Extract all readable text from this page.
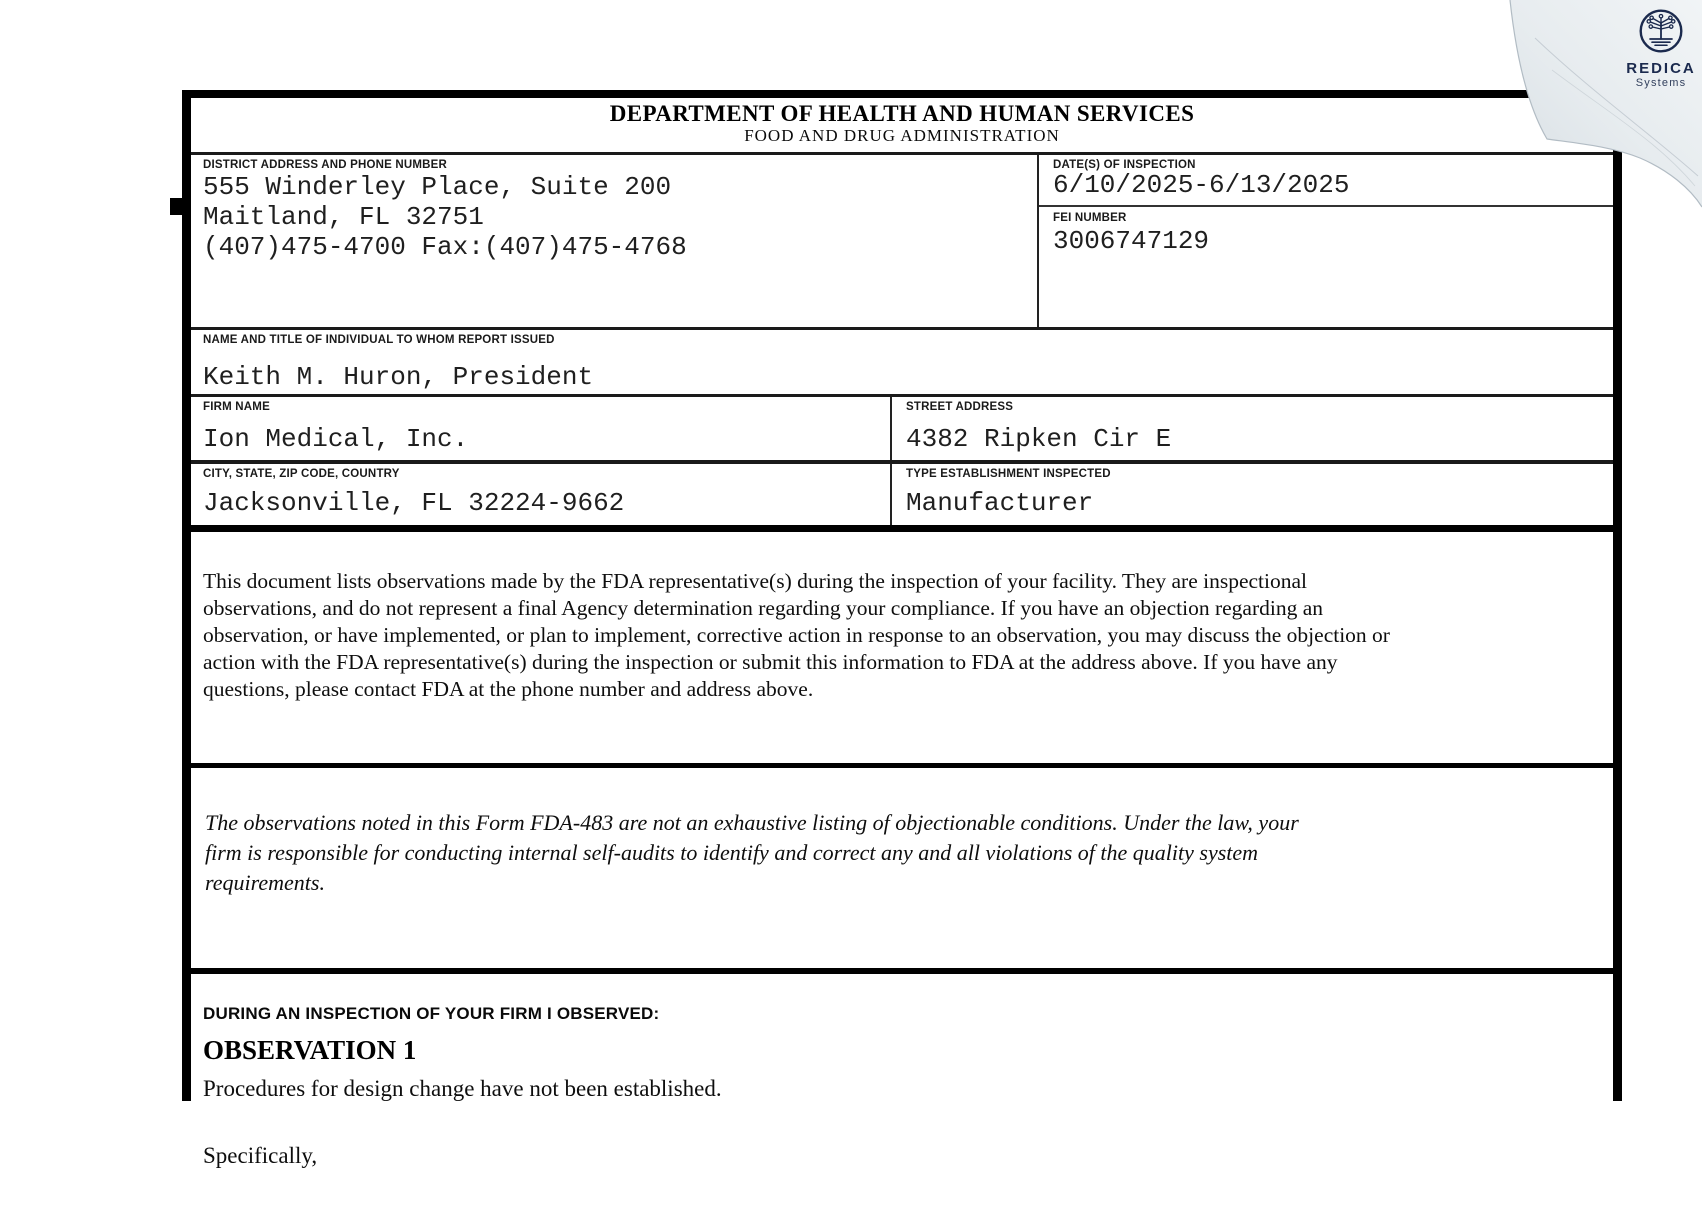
DEPARTMENT OF HEALTH AND HUMAN SERVICES
FOOD AND DRUG ADMINISTRATION
DISTRICT ADDRESS AND PHONE NUMBER
555 Winderley Place, Suite 200
Maitland, FL 32751
(407)475-4700 Fax:(407)475-4768
DATE(S) OF INSPECTION
6/10/2025-6/13/2025
FEI NUMBER
3006747129
NAME AND TITLE OF INDIVIDUAL TO WHOM REPORT ISSUED
Keith M. Huron, President
FIRM NAME
Ion Medical, Inc.
STREET ADDRESS
4382 Ripken Cir E
CITY, STATE, ZIP CODE, COUNTRY
Jacksonville, FL 32224-9662
TYPE ESTABLISHMENT INSPECTED
Manufacturer
This document lists observations made by the FDA representative(s) during the inspection of your facility. They are inspectional
observations, and do not represent a final Agency determination regarding your compliance. If you have an objection regarding an
observation, or have implemented, or plan to implement, corrective action in response to an observation, you may discuss the objection or
action with the FDA representative(s) during the inspection or submit this information to FDA at the address above. If you have any
questions, please contact FDA at the phone number and address above.
The observations noted in this Form FDA-483 are not an exhaustive listing of objectionable conditions. Under the law, your
firm is responsible for conducting internal self-audits to identify and correct any and all violations of the quality system
requirements.
DURING AN INSPECTION OF YOUR FIRM I OBSERVED:
OBSERVATION 1
Procedures for design change have not been established.
Specifically,
REDICA
Systems
